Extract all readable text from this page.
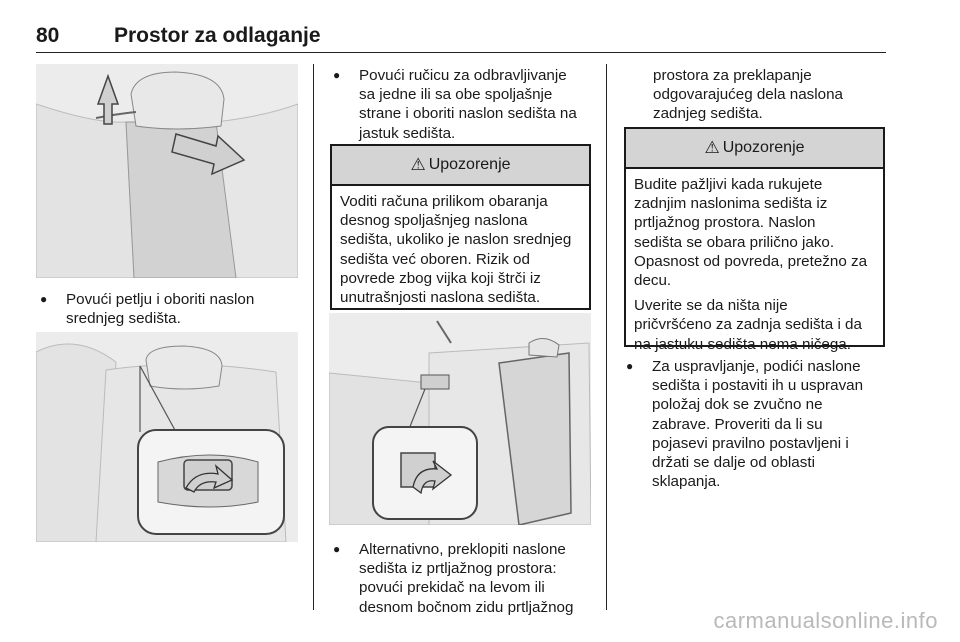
80	Prostor za odlaganje
●	Povući petlju i oboriti naslon
srednjeg sedišta.
●	Povući ručicu za odbravljivanje
sa jedne ili sa obe spoljašnje
strane i oboriti naslon sedišta na
jastuk sedišta.
⚠ Upozorenje

Voditi računa prilikom obaranja
desnog spoljašnjeg naslona
sedišta, ukoliko je naslon srednjeg
sedišta već oboren. Rizik od
povrede zbog vijka koji štrči iz
unutrašnjosti naslona sedišta.

●	Alternativno, preklopiti naslone
sedišta iz prtljažnog prostora:
povući prekidač na levom ili
desnom bočnom zidu prtljažnog
prostora za preklapanje
odgovarajućeg dela naslona
zadnjeg sedišta.
⚠ Upozorenje

Budite pažljivi kada rukujete
zadnjim naslonima sedišta iz
prtljažnog prostora. Naslon
sedišta se obara prilično jako.
Opasnost od povreda, pretežno za
decu.

Uverite se da ništa nije
pričvršćeno za zadnja sedišta i da
na jastuku sedišta nema ničega.

●	Za uspravljanje, podići naslone
sedišta i postaviti ih u uspravan
položaj dok se zvučno ne
zabrave. Proveriti da li su
pojasevi pravilno postavljeni i
držati se dalje od oblasti
sklapanja.
carmanualsonline.info
